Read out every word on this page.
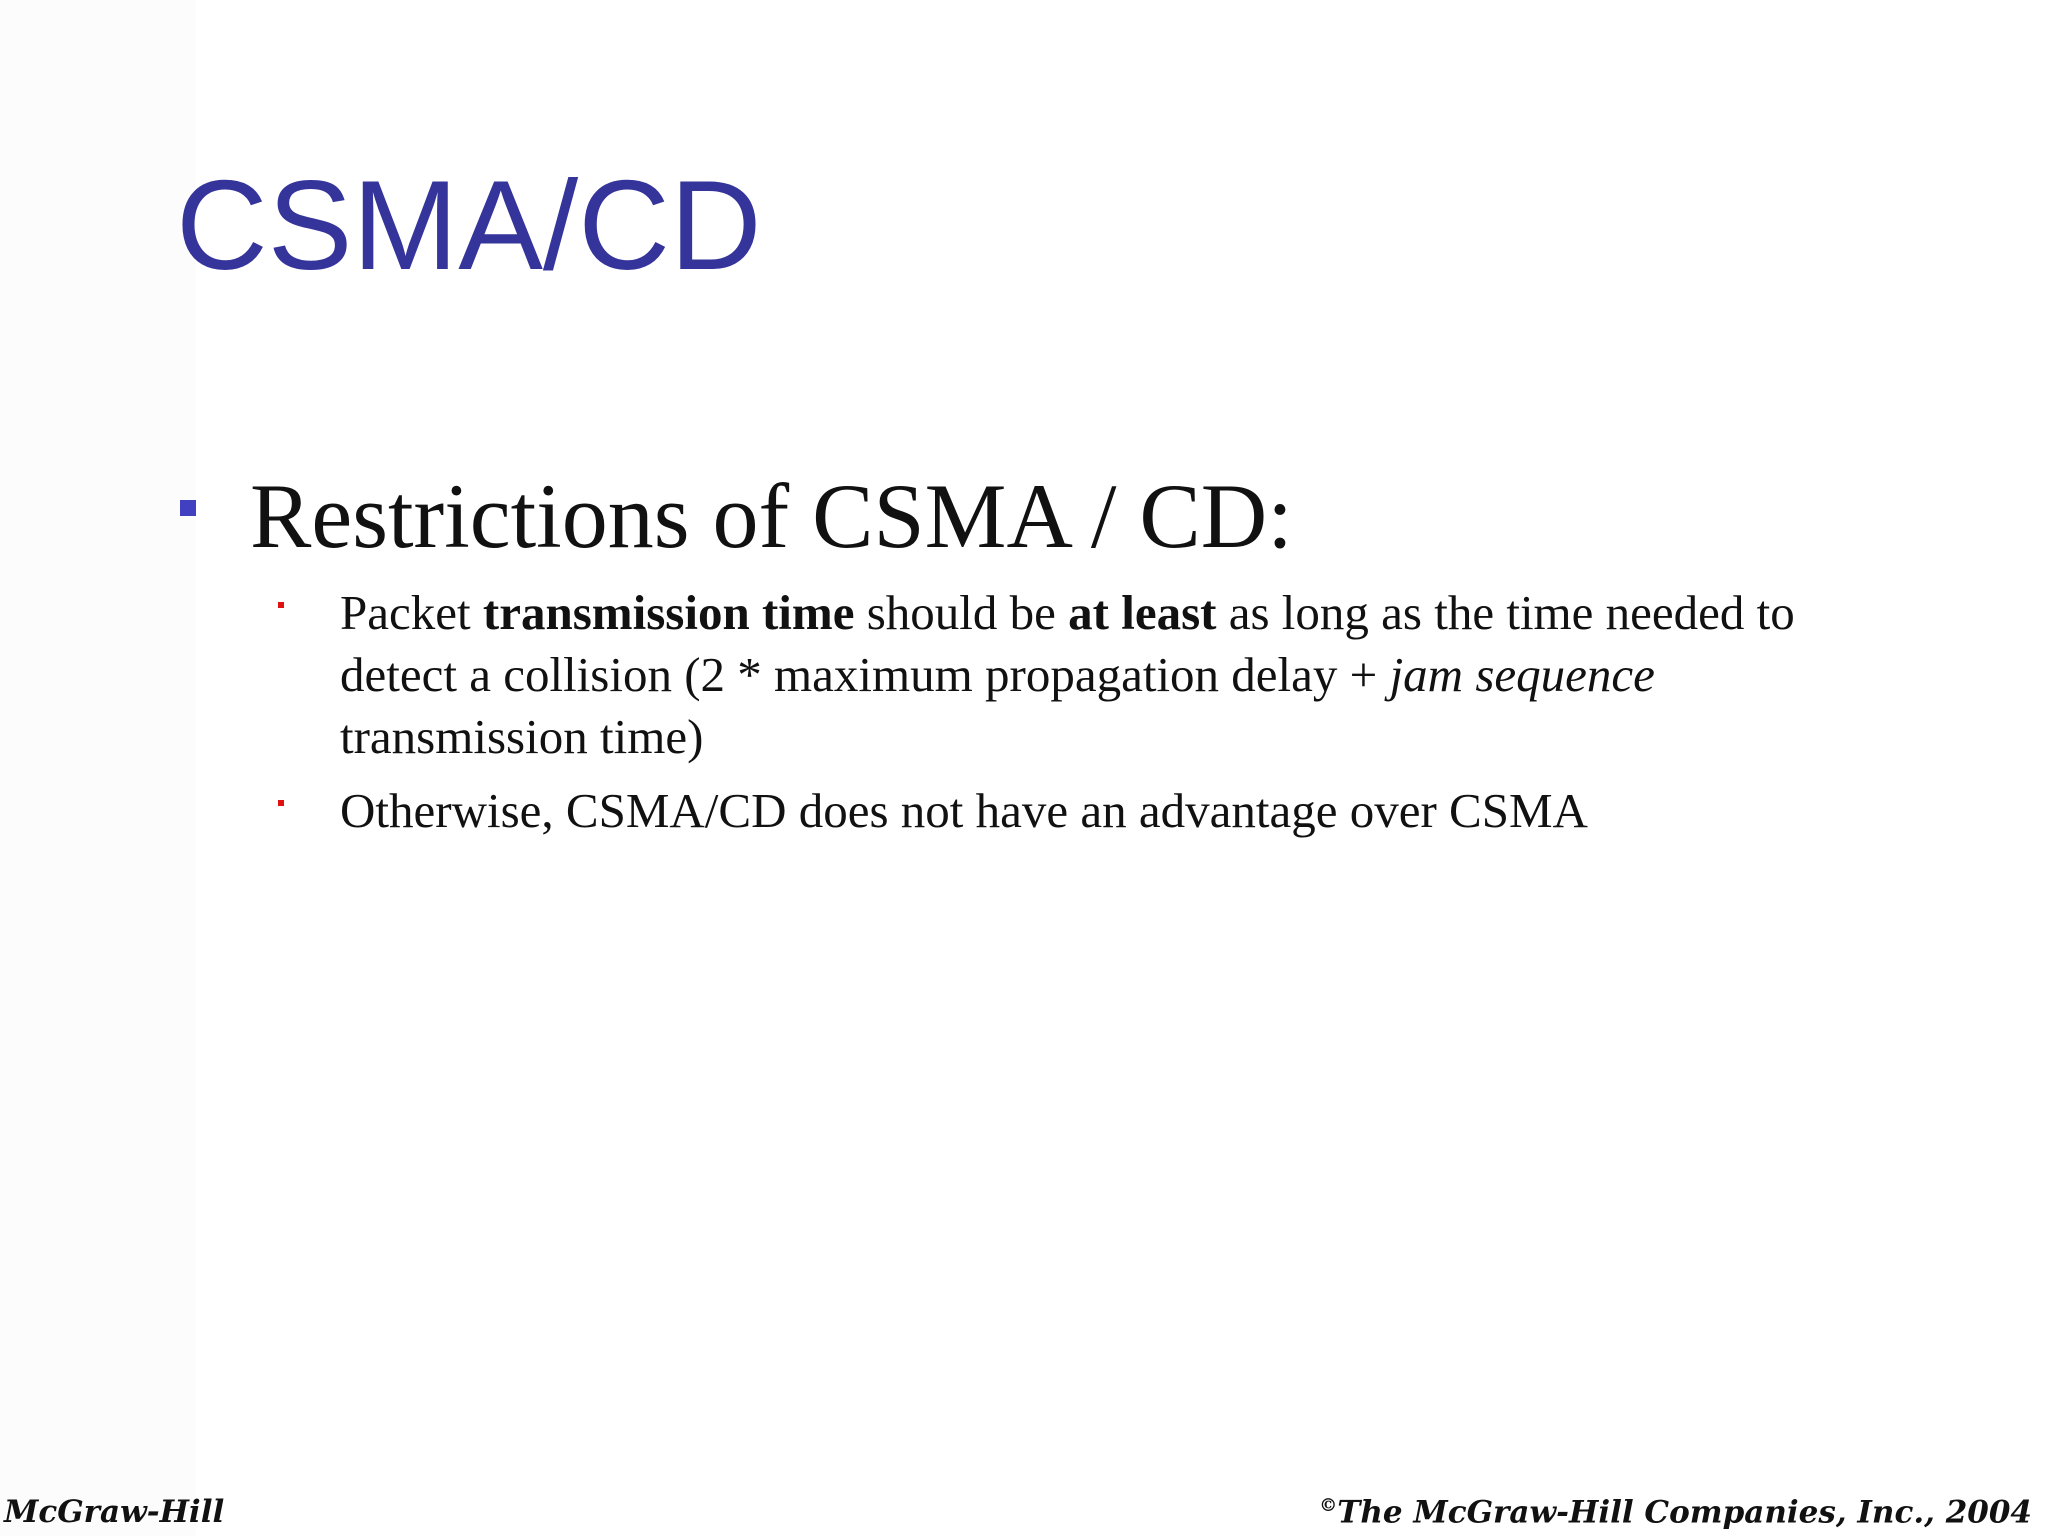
CSMA/CD
Restrictions of CSMA / CD:
Packet transmission time should be at least as long as the time needed to detect a collision (2 * maximum propagation delay + jam sequence transmission time)
Otherwise, CSMA/CD does not have an advantage over CSMA
McGraw-Hill	©The McGraw-Hill Companies, Inc., 2004
